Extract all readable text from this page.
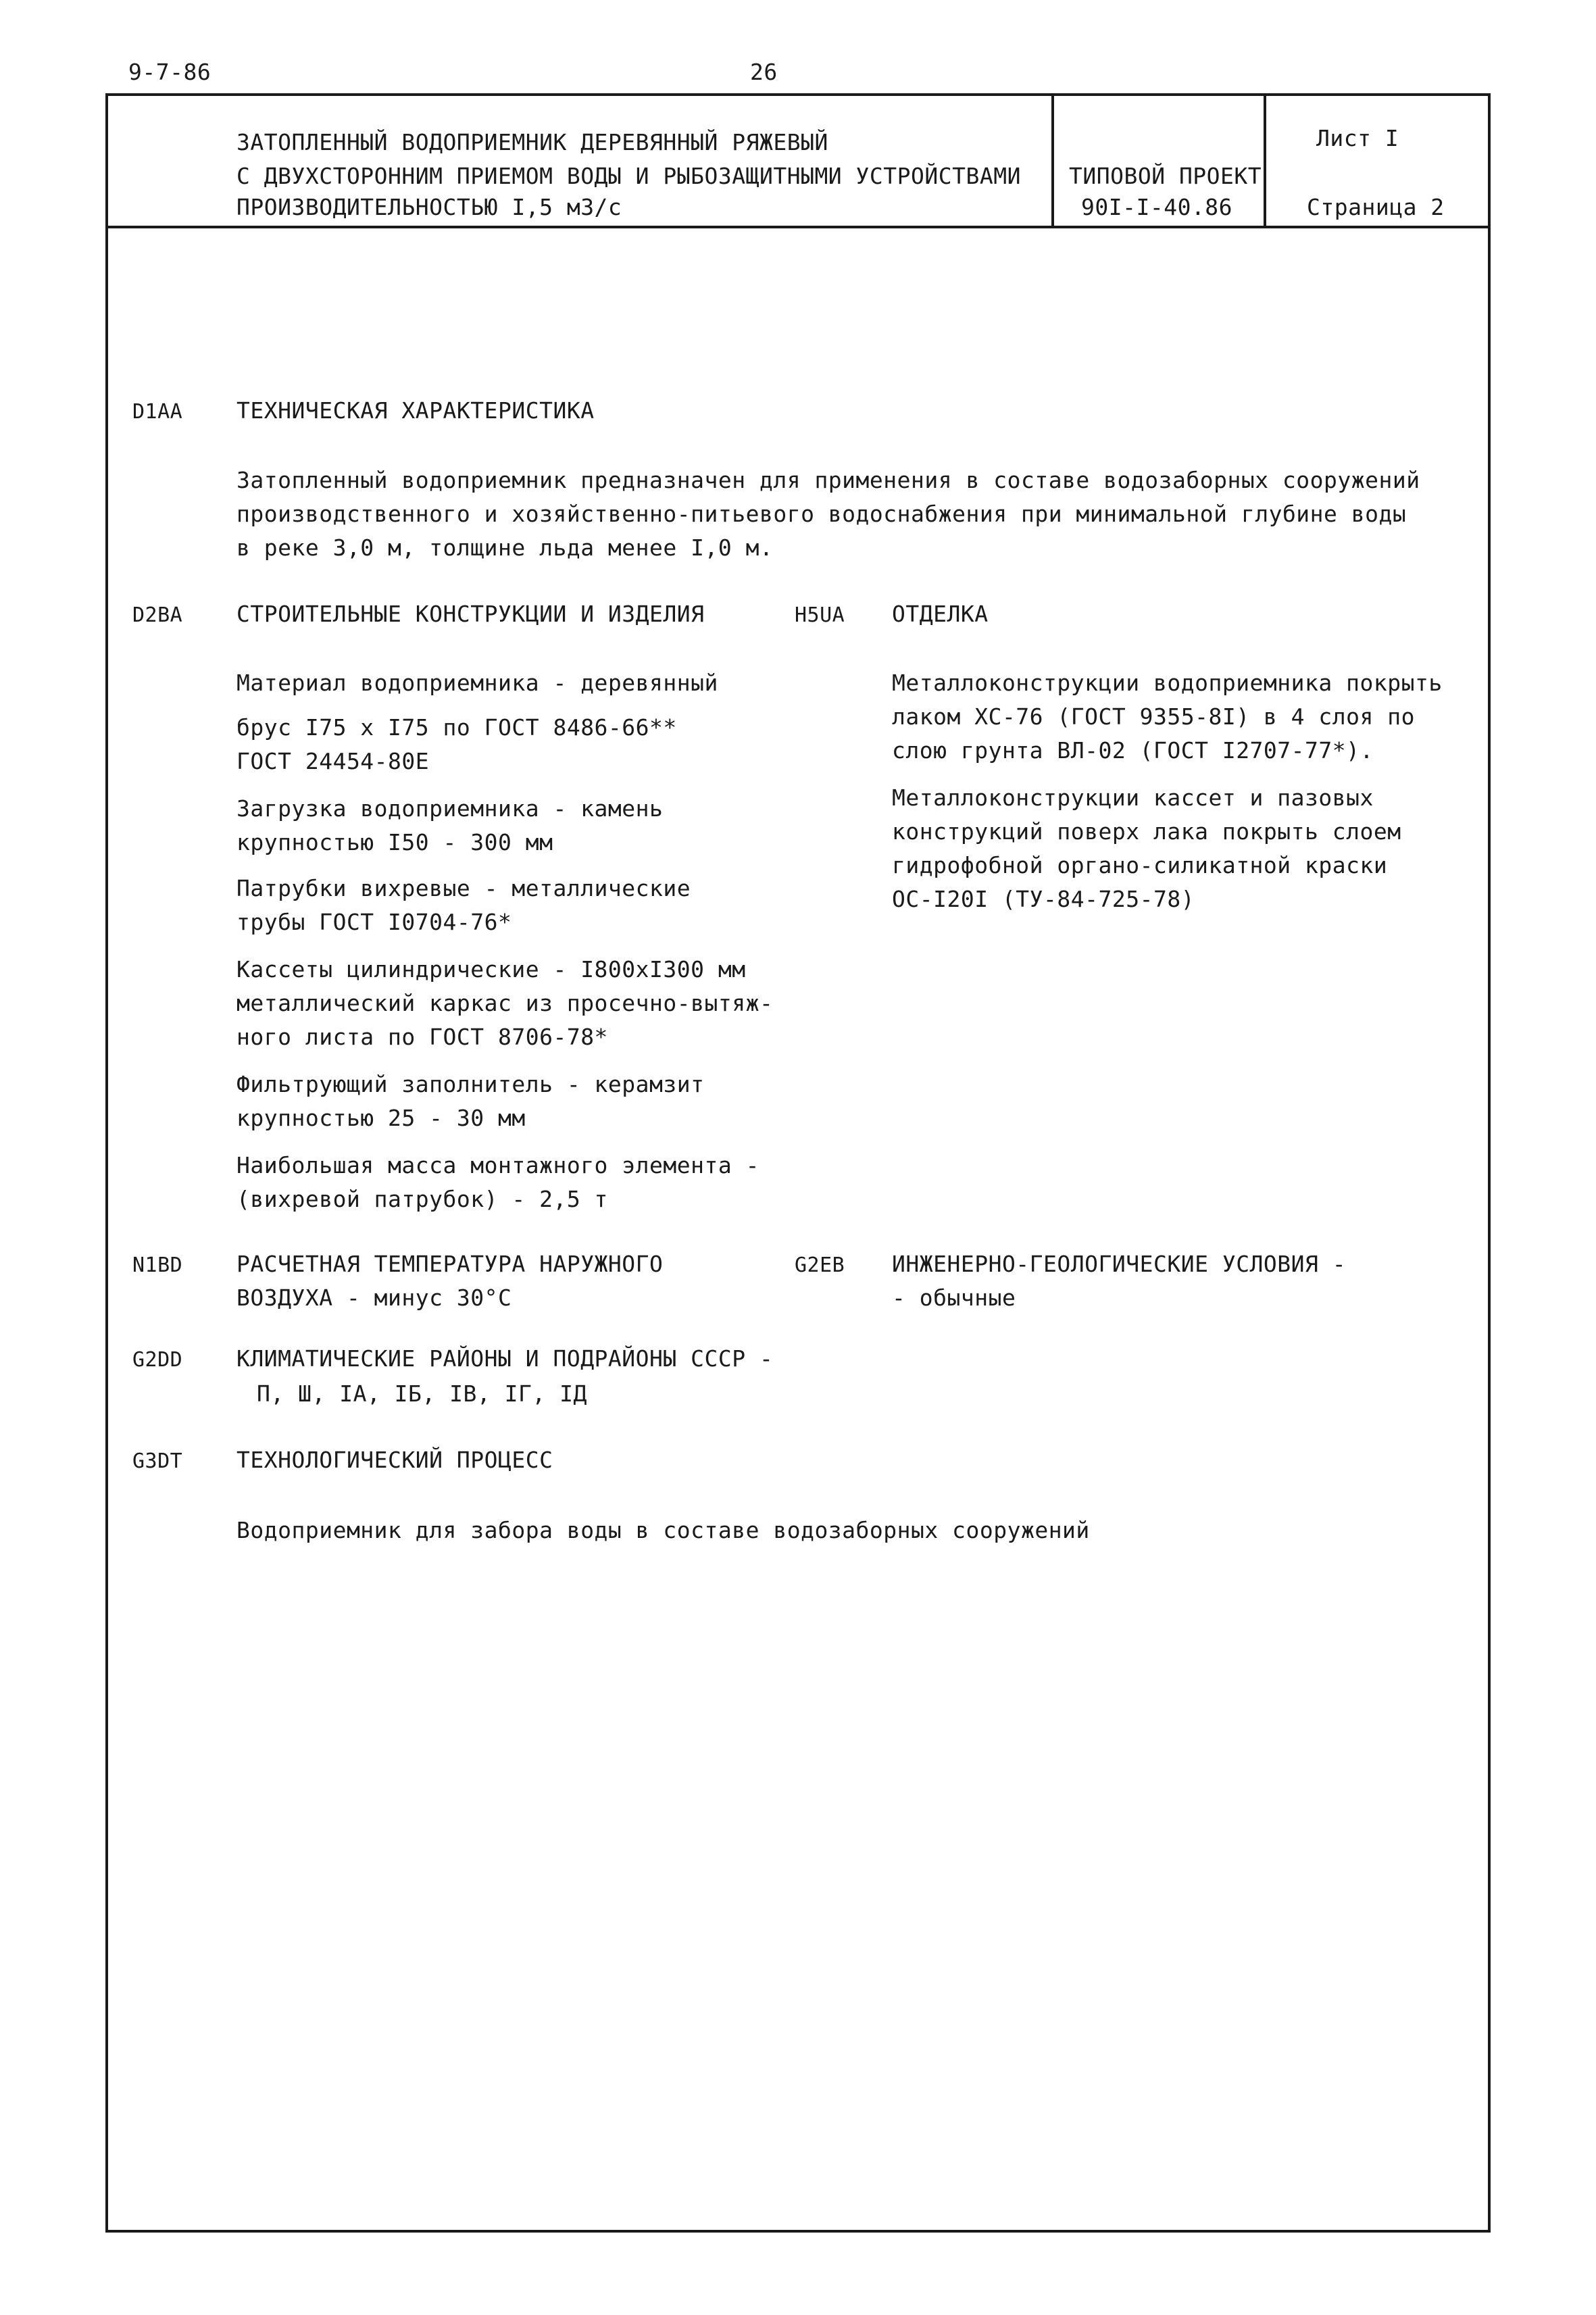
9-7-86	26
ЗАТОПЛЕННЫЙ ВОДОПРИЕМНИК ДЕРЕВЯННЫЙ РЯЖЕВЫЙ
С ДВУХСТОРОННИМ ПРИЕМОМ ВОДЫ И РЫБОЗАЩИТНЫМИ УСТРОЙСТВАМИ
ПРОИЗВОДИТЕЛЬНОСТЬЮ I,5 м3/с
ТИПОВОЙ ПРОЕКТ
90I-I-40.86
Лист I
Страница 2
D1AA ТЕХНИЧЕСКАЯ ХАРАКТЕРИСТИКА
Затопленный водоприемник предназначен для применения в составе водозаборных сооружений
производственного и хозяйственно-питьевого водоснабжения при минимальной глубине воды
в реке 3,0 м, толщине льда менее I,0 м.
D2BA СТРОИТЕЛЬНЫЕ КОНСТРУКЦИИ И ИЗДЕЛИЯ
Материал водоприемника - деревянный
брус I75 х I75 по ГОСТ 8486-66**
ГОСТ 24454-80Е
Загрузка водоприемника - камень
крупностью I50 - 300 мм
Патрубки вихревые - металлические
трубы ГОСТ I0704-76*
Кассеты цилиндрические - I800хI300 мм
металлический каркас из просечно-вытяж-
ного листа по ГОСТ 8706-78*
Фильтрующий заполнитель - керамзит
крупностью 25 - 30 мм
Наибольшая масса монтажного элемента -
(вихревой патрубок) - 2,5 т
H5UA ОТДЕЛКА
Металлоконструкции водоприемника покрыть
лаком ХС-76 (ГОСТ 9355-8I) в 4 слоя по
слою грунта ВЛ-02 (ГОСТ I2707-77*).
Металлоконструкции кассет и пазовых
конструкций поверх лака покрыть слоем
гидрофобной органо-силикатной краски
ОС-I20I (ТУ-84-725-78)
N1BD РАСЧЕТНАЯ ТЕМПЕРАТУРА НАРУЖНОГО
ВОЗДУХА - минус 30°С
G2EB ИНЖЕНЕРНО-ГЕОЛОГИЧЕСКИЕ УСЛОВИЯ -
- обычные
G2DD КЛИМАТИЧЕСКИЕ РАЙОНЫ И ПОДРАЙОНЫ СССР -
П, Ш, IА, IБ, IВ, IГ, IД
G3DT ТЕХНОЛОГИЧЕСКИЙ ПРОЦЕСС
Водоприемник для забора воды в составе водозаборных сооружений
